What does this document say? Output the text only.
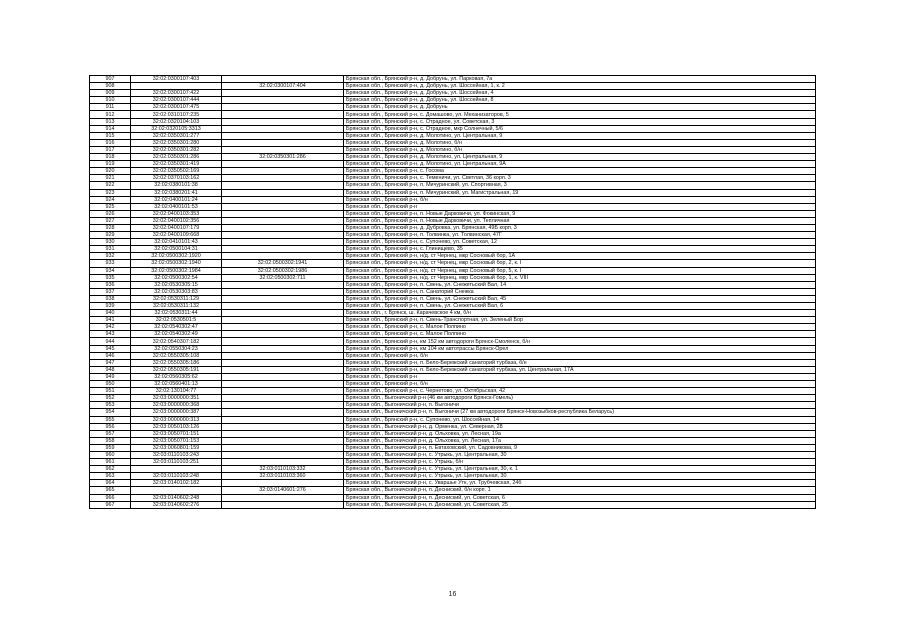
907	32:02:0300107:403		Брянская обл., Брянский р-н, д. Добрунь, ул. Парковая, 7а
908		32:02:0300107:404	Брянская обл., Брянский р-н, д. Добрунь, ул. Шоссейная, 1, к. 2
909	32:02:0300107:422		Брянская обл., Брянский р-н, д. Добрунь, ул. Шоссейная, 4
910	32:02:0300107:444		Брянская обл., Брянский р-н, д. Добрунь, ул. Шоссейная, 8
911	32:02:0300107:475		Брянская обл., Брянский р-н, д. Добрунь
912	32:02:0310107:235		Брянская обл., Брянский р-н, с. Домашово, ул. Механизаторов, 5
913	32:02:0320104:103		Брянская обл., Брянский р-н, с. Отрадное, ул. Советская, 3
914	32:02:0320105:3313		Брянская обл., Брянский р-н, с. Отрадное, мкр Солнечный, 5/6
915	32:02:0350301:277		Брянская обл., Брянский р-н, д. Молотино, ул. Центральная, 9
916	32:02:0350301:280		Брянская обл., Брянский р-н, д. Молотино, б/н
917	32:02:0350301:282		Брянская обл., Брянский р-н, д. Молотино, б/н
918	32:02:0350301:286	32:02:0350301:286	Брянская обл., Брянский р-н, д. Молотино, ул. Центральная, 9
919	32:02:0350301:419		Брянская обл., Брянский р-н, д. Молотино, ул. Центральная, 9А
920	32:02:0350502:169		Брянская обл., Брянский р-н, с. Госома
921	32:02:0370103:162		Брянская обл., Брянский р-н, с. Теменичи, ул. Светлая, 36 корп. 3
922	32:02:0380101:38		Брянская обл., Брянский р-н, п. Мичуринский, ул. Спортивная, 3
923	32:02:0380201:41		Брянская обл., Брянский р-н, п. Мичуринский, ул. Магистральная, 19
924	32:02:0400101:24		Брянская обл., Брянский р-н, б/н
925	32:02:0400101:53		Брянская обл., Брянский р-н
926	32:02:0400103:353		Брянская обл., Брянский р-н, п. Новые Дарковичи, ул. Фокинская, 9
927	32:02:0400102:356		Брянская обл., Брянский р-н, п. Новые Дарковичи, ул. Тепличная
928	32:02:0400107:179		Брянская обл., Брянский р-н, д. Дубровка, ул. Брянская, 49Б корп. 3
929	32:02:0400109:668		Брянская обл., Брянский р-н, п. Толвинка, ул. Толвинская, 47Г
930	32:02:0410101:43		Брянская обл., Брянский р-н, с. Супонево, ул. Советская, 12
931	32:02:0500104:31		Брянская обл., Брянский р-н, с. Глинищево, 35
932	32:02:0500302:1920		Брянская обл., Брянский р-н, н/д. ст Чернец, мкр Сосновый бор, 1А
933	32:02:0500302:1940	32:02:0500302:1941	Брянская обл., Брянский р-н, н/д. ст Чернец, мкр Сосновый бор, 2, к. I
934	32:02:0500302:1984	32:02:0500302:1986	Брянская обл., Брянский р-н, н/д. ст Чернец, мкр Сосновый бор, 5, к. I
935	32:02:0500302:54	32:02:0500302:711	Брянская обл., Брянский р-н, н/д. ст Чернец, мкр Сосновый бор, 1, к. VIII
936	32:02:0530305:15		Брянская обл., Брянский р-н, п. Свень, ул. Снежетьский Вал, 14
937	32:02:0530303:83		Брянская обл., Брянский р-н, п. Санаторий Снежка
938	32:02:0530311:129		Брянская обл., Брянский р-н, п. Свень, ул. Снежетьский Вал, 45
939	32:02:0530311:132		Брянская обл., Брянский р-н, п. Свень, ул. Снежетьский Вал, 6
940	32:02:0530311:44		Брянская обл., г. Брянск, ш. Карачевское 4 км, б/н
941	32:02:0530501:5		Брянская обл., Брянский р-н, п. Свень-Транспортная, ул. Зеленый Бор
942	32:02:0540302:47		Брянская обл., Брянский р-н, с. Малое Полпино
943	32:02:0540302:49		Брянская обл., Брянский р-н, с. Малое Полпино
944	32:02:0540307:182		Брянская обл., Брянский р-н, км 152 км автодороги Брянск-Смоленск, б/н
945	32:02:0550304:23		Брянская обл., Брянский р-н, км 104 км автотрассы Брянск-Орел
946	32:02:0550305:108		Брянская обл., Брянский р-н, б/н
947	32:02:0550305:186		Брянская обл., Брянский р-н, п. Бело-Бережский санаторий турбаза, б/н
948	32:02:0550305:191		Брянская обл., Брянский р-н, п. Бело-Бережский санаторий турбаза, ул. Центральная, 17А
949	32:02:0560305:62		Брянская обл., Брянский р-н
950	32:02:0560401:13		Брянская обл., Брянский р-н, б/н
951	32:02:130104:77		Брянская обл., Брянский р-н, с. Чернетово, ул. Октябрьская, 42
952	32:03:0000000:351		Брянская обл., Выгоничский р-н (46 км автодороги Брянск-Гомель)
953	32:03:0000000:368		Брянская обл., Выгоничский р-н, п. Выгоничи
954	32:03:0000000:387		Брянская обл., Выгоничский р-н, п. Выгоничи (27 км автодороги Брянск-Новозыбков-республика Беларусь)
955	32:03:0000000:313		Брянская обл., Брянский р-н, с. Супонево, ул. Шоссейная, 14
956	32:03:0050103:126		Брянская обл., Выгоничский р-н, д. Орменка, ул. Северная, 28
957	32:03:0050701:151		Брянская обл., Выгоничский р-н, д. Ольховка, ул. Лесная, 19а
958	32:03:0050701:153		Брянская обл., Выгоничский р-н, д. Ольховка, ул. Лесная, 17а
959	32:03:0060801:159		Брянская обл., Выгоничский р-н, п. Евтаховский, ул. Садовникова, 9
960	32:03:0110103:243		Брянская обл., Выгоничский р-н, с. Утрыкь, ул. Центральная, 30
961	32:03:0110103:251		Брянская обл., Выгоничский р-н, с. Утрыкь, б/н
962		32:03:0110103:332	Брянская обл., Выгоничский р-н, с. Утрыкь, ул. Центральная, 30, к. 1
963	32:03:0110103:248	32:03:0110103:360	Брянская обл., Выгоничский р-н, с. Утрыкь, ул. Центральная, 30
964	32:03:0140102:182		Брянская обл., Выгоничский р-н, с. Уваршье Утк, ул. Трубчевская, 24б
965		32:03:0140601:276	Брянская обл., Выгоничский р-н, п. Десниский, б/н корп. 1
966	32:03:0140602:248		Брянская обл., Выгоничский р-н, п. Десниский, ул. Советская, 6
967	32:03:0140602:276		Брянская обл., Выгоничский р-н, п. Десниский, ул. Советская, 25
16
